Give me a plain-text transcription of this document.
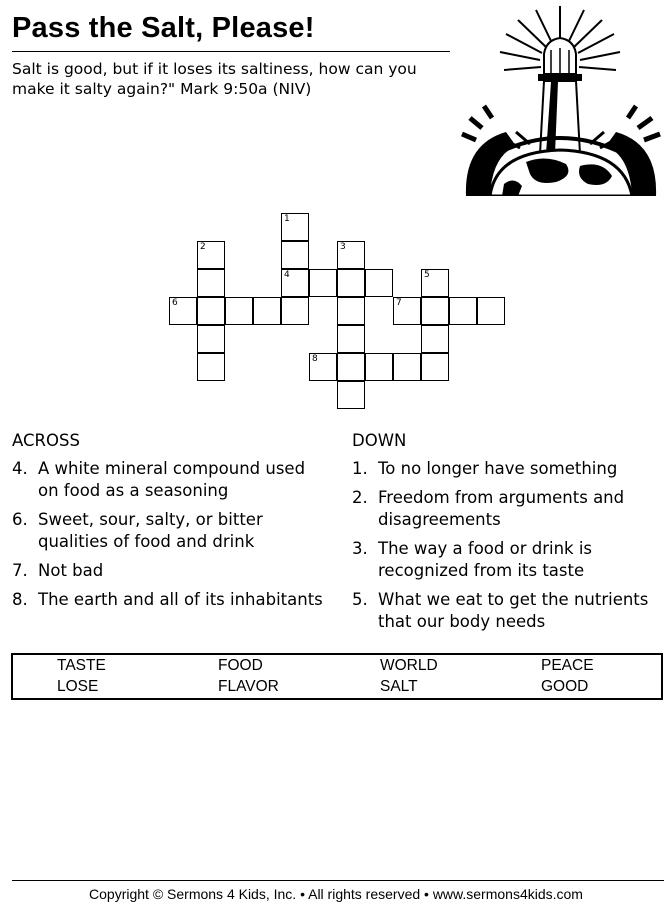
Pass the Salt, Please!
Salt is good, but if it loses its saltiness, how can you
make it salty again?" Mark 9:50a (NIV)
1
2	3
4	5
6	7
8
ACROSS
4. A white mineral compound used on food as a seasoning
6. Sweet, sour, salty, or bitter qualities of food and drink
7. Not bad
8. The earth and all of its inhabitants
DOWN
1. To no longer have something
2. Freedom from arguments and disagreements
3. The way a food or drink is recognized from its taste
5. What we eat to get the nutrients that our body needs
TASTE	FOOD	WORLD	PEACE
LOSE	FLAVOR	SALT	GOOD
Copyright © Sermons 4 Kids, Inc. • All rights reserved • www.sermons4kids.com
